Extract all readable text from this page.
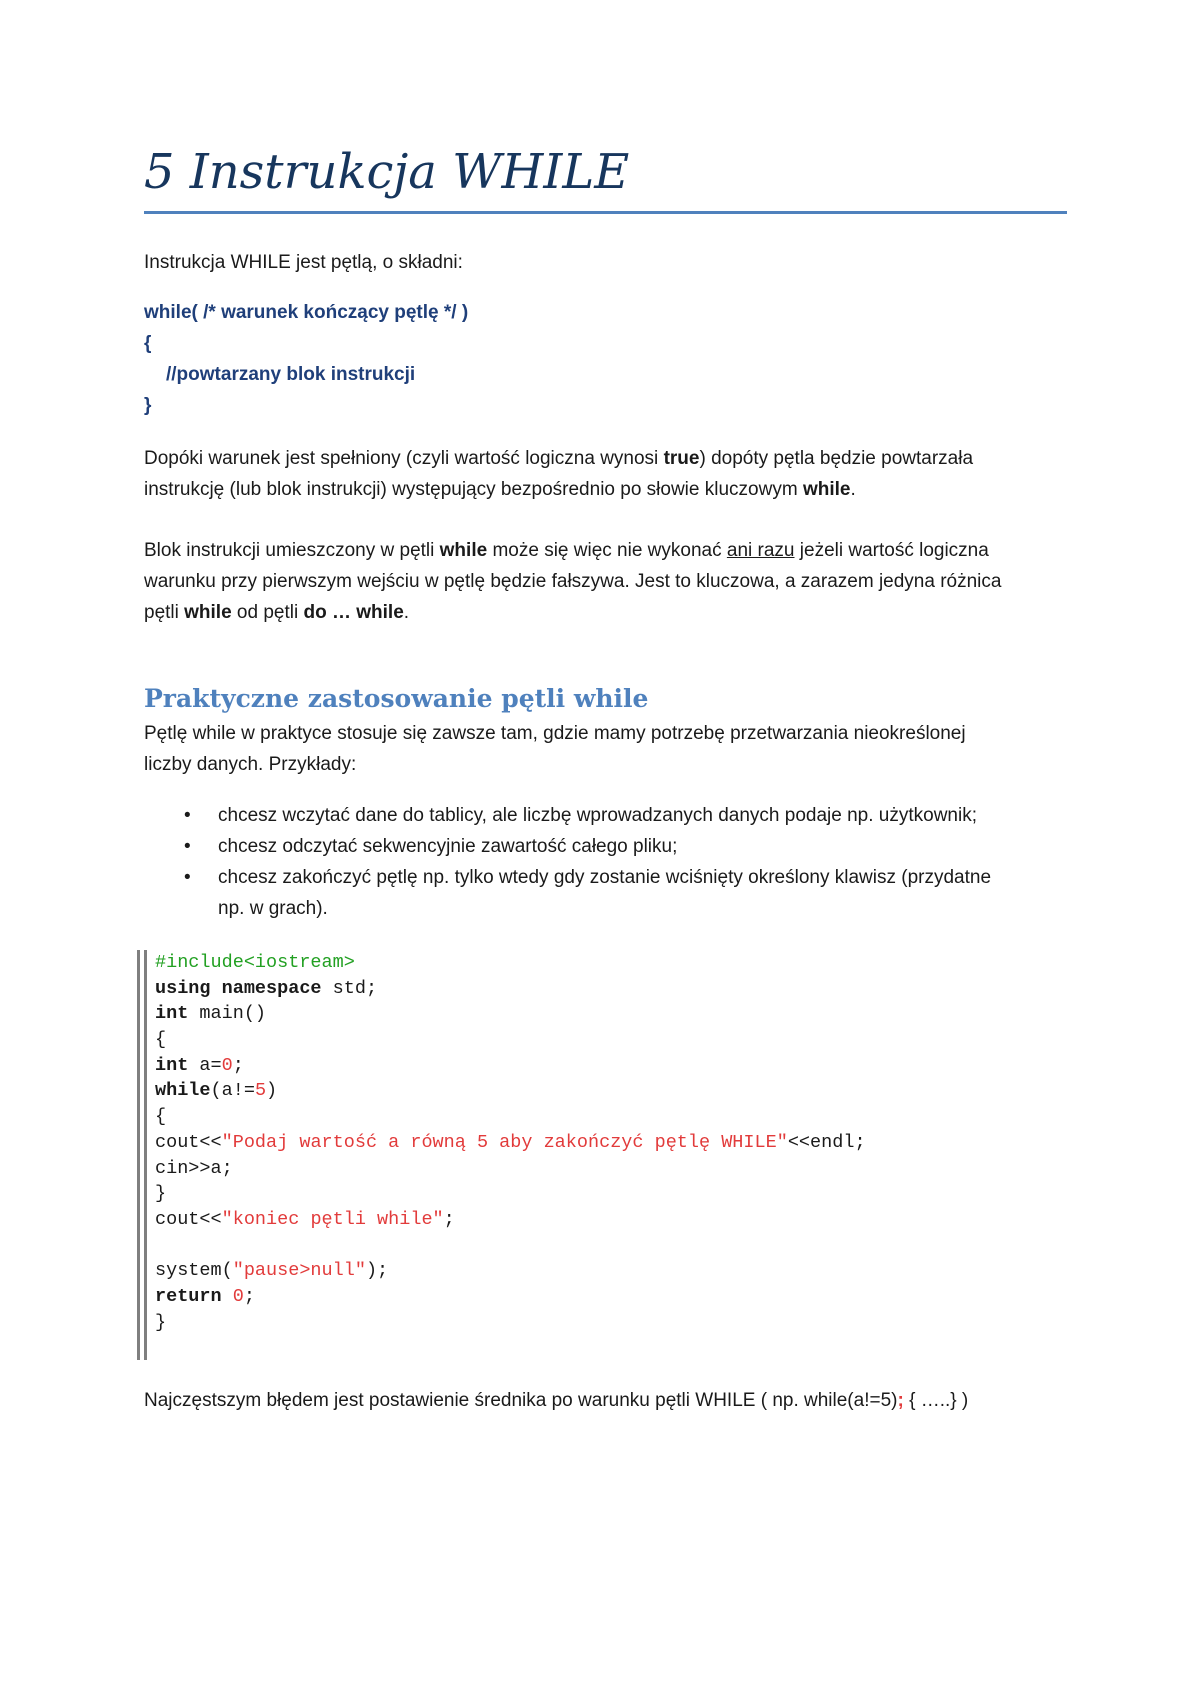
5 Instrukcja WHILE

Instrukcja WHILE jest pętlą, o składni:

while( /* warunek kończący pętlę */ )

{

//powtarzany blok instrukcji

}

Dopóki warunek jest spełniony (czyli wartość logiczna wynosi true) dopóty pętla będzie powtarzała

instrukcję (lub blok instrukcji) występujący bezpośrednio po słowie kluczowym while.

Blok instrukcji umieszczony w pętli while może się więc nie wykonać ani razu jeżeli wartość logiczna

warunku przy pierwszym wejściu w pętlę będzie fałszywa. Jest to kluczowa, a zarazem jedyna różnica

pętli while od pętli do … while.

Praktyczne zastosowanie pętli while

Pętlę while w praktyce stosuje się zawsze tam, gdzie mamy potrzebę przetwarzania nieokreślonej

liczby danych. Przykłady:

• chcesz wczytać dane do tablicy, ale liczbę wprowadzanych danych podaje np. użytkownik;
• chcesz odczytać sekwencyjnie zawartość całego pliku;
• chcesz zakończyć pętlę np. tylko wtedy gdy zostanie wciśnięty określony klawisz (przydatne
np. w grach).
#include<iostream>
using namespace std;
int main()
{
int a=0;
while(a!=5)
{
cout<<"Podaj wartość a równą 5 aby zakończyć pętlę WHILE"<<endl;
cin>>a;
}
cout<<"koniec pętli while";
system("pause>null");
return 0;
}

Najczęstszym błędem jest postawienie średnika po warunku pętli WHILE ( np. while(a!=5); { …..} )
